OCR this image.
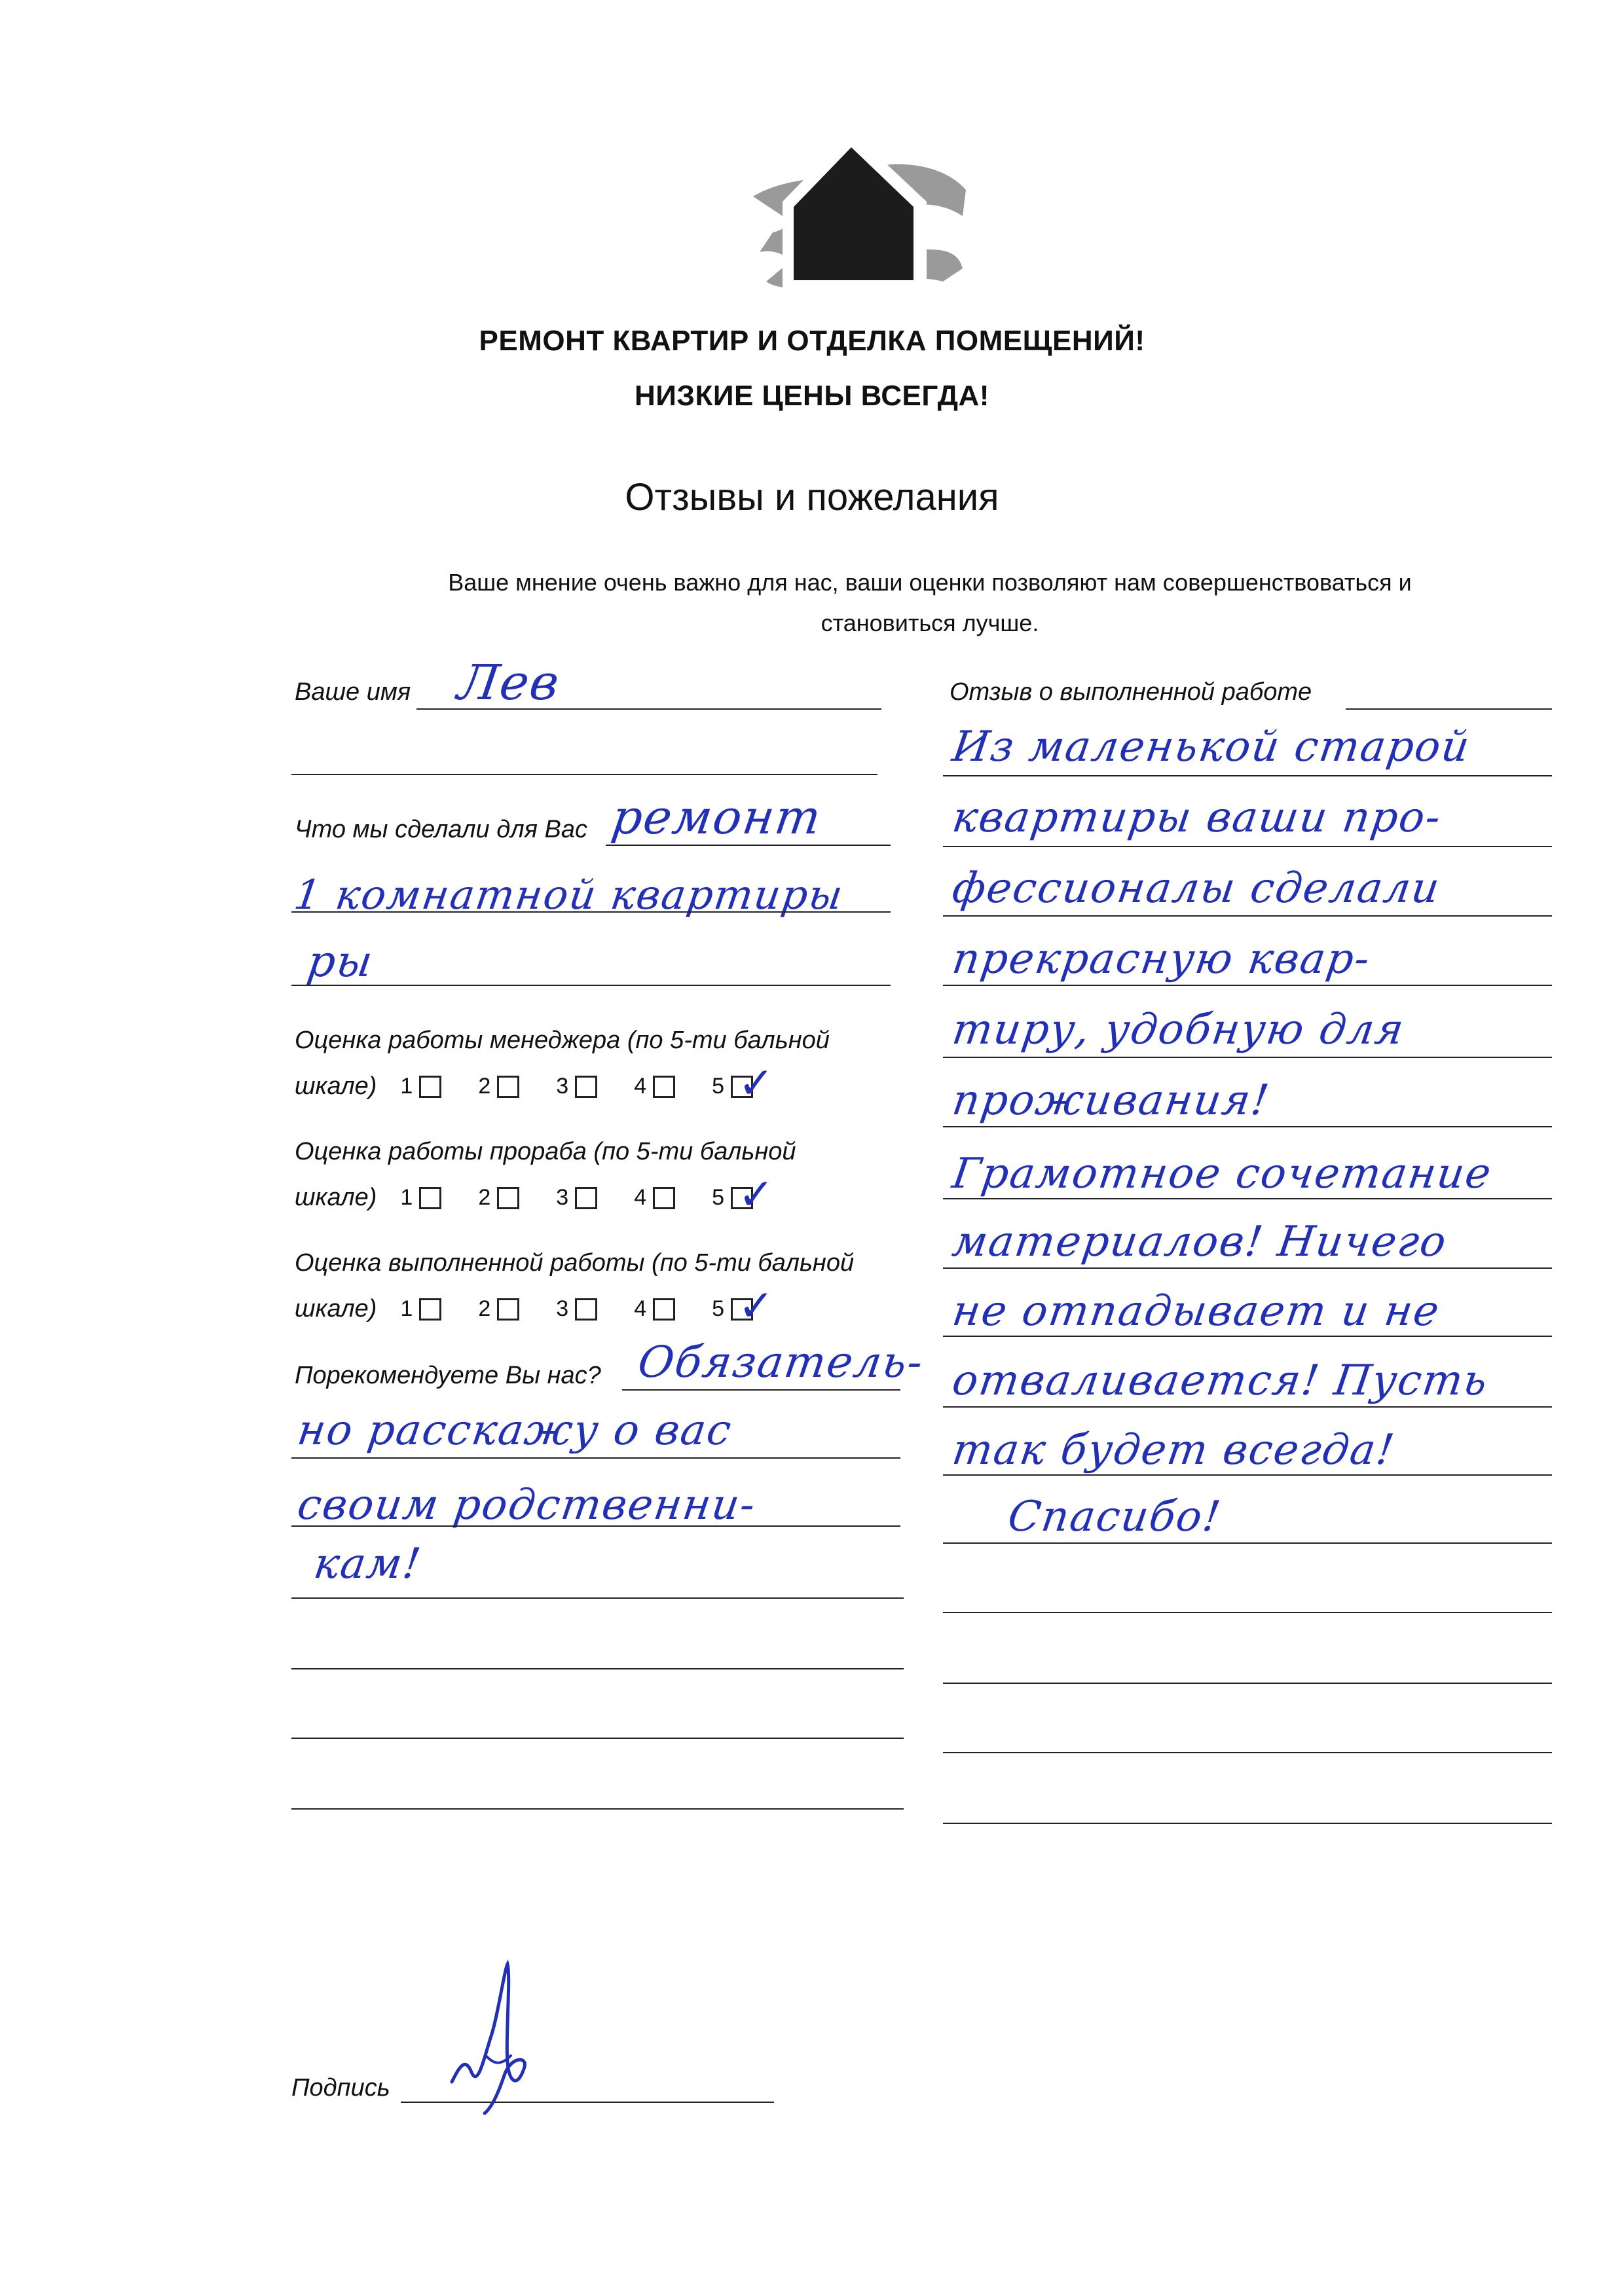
РЕМОНТ КВАРТИР И ОТДЕЛКА ПОМЕЩЕНИЙ!
НИЗКИЕ ЦЕНЫ ВСЕГДА!
Отзывы и пожелания
Ваше мнение очень важно для нас, ваши оценки позволяют нам совершенствоваться и
становиться лучше.
Ваше имя Лев
Что мы сделали для Вас ремонт
1 комнатной квартиры
ры
Оценка работы менеджера (по 5-ти бальной
шкале) 1	2	3	4	5 ✓
Оценка работы прораба (по 5-ти бальной
шкале) 1	2	3	4	5 ✓
Оценка выполненной работы (по 5-ти бальной
шкале) 1	2	3	4	5 ✓
Порекомендуете Вы нас? Обязатель-
но расскажу о вас
своим родственни-
кам!
Отзыв о выполненной работе
Из маленькой старой
квартиры ваши про-
фессионалы сделали
прекрасную квар-
тиру, удобную для
проживания!
Грамотное сочетание
материалов! Ничего
не отпадывает и не
отваливается! Пусть
так будет всегда!
Спасибо!
Подпись
